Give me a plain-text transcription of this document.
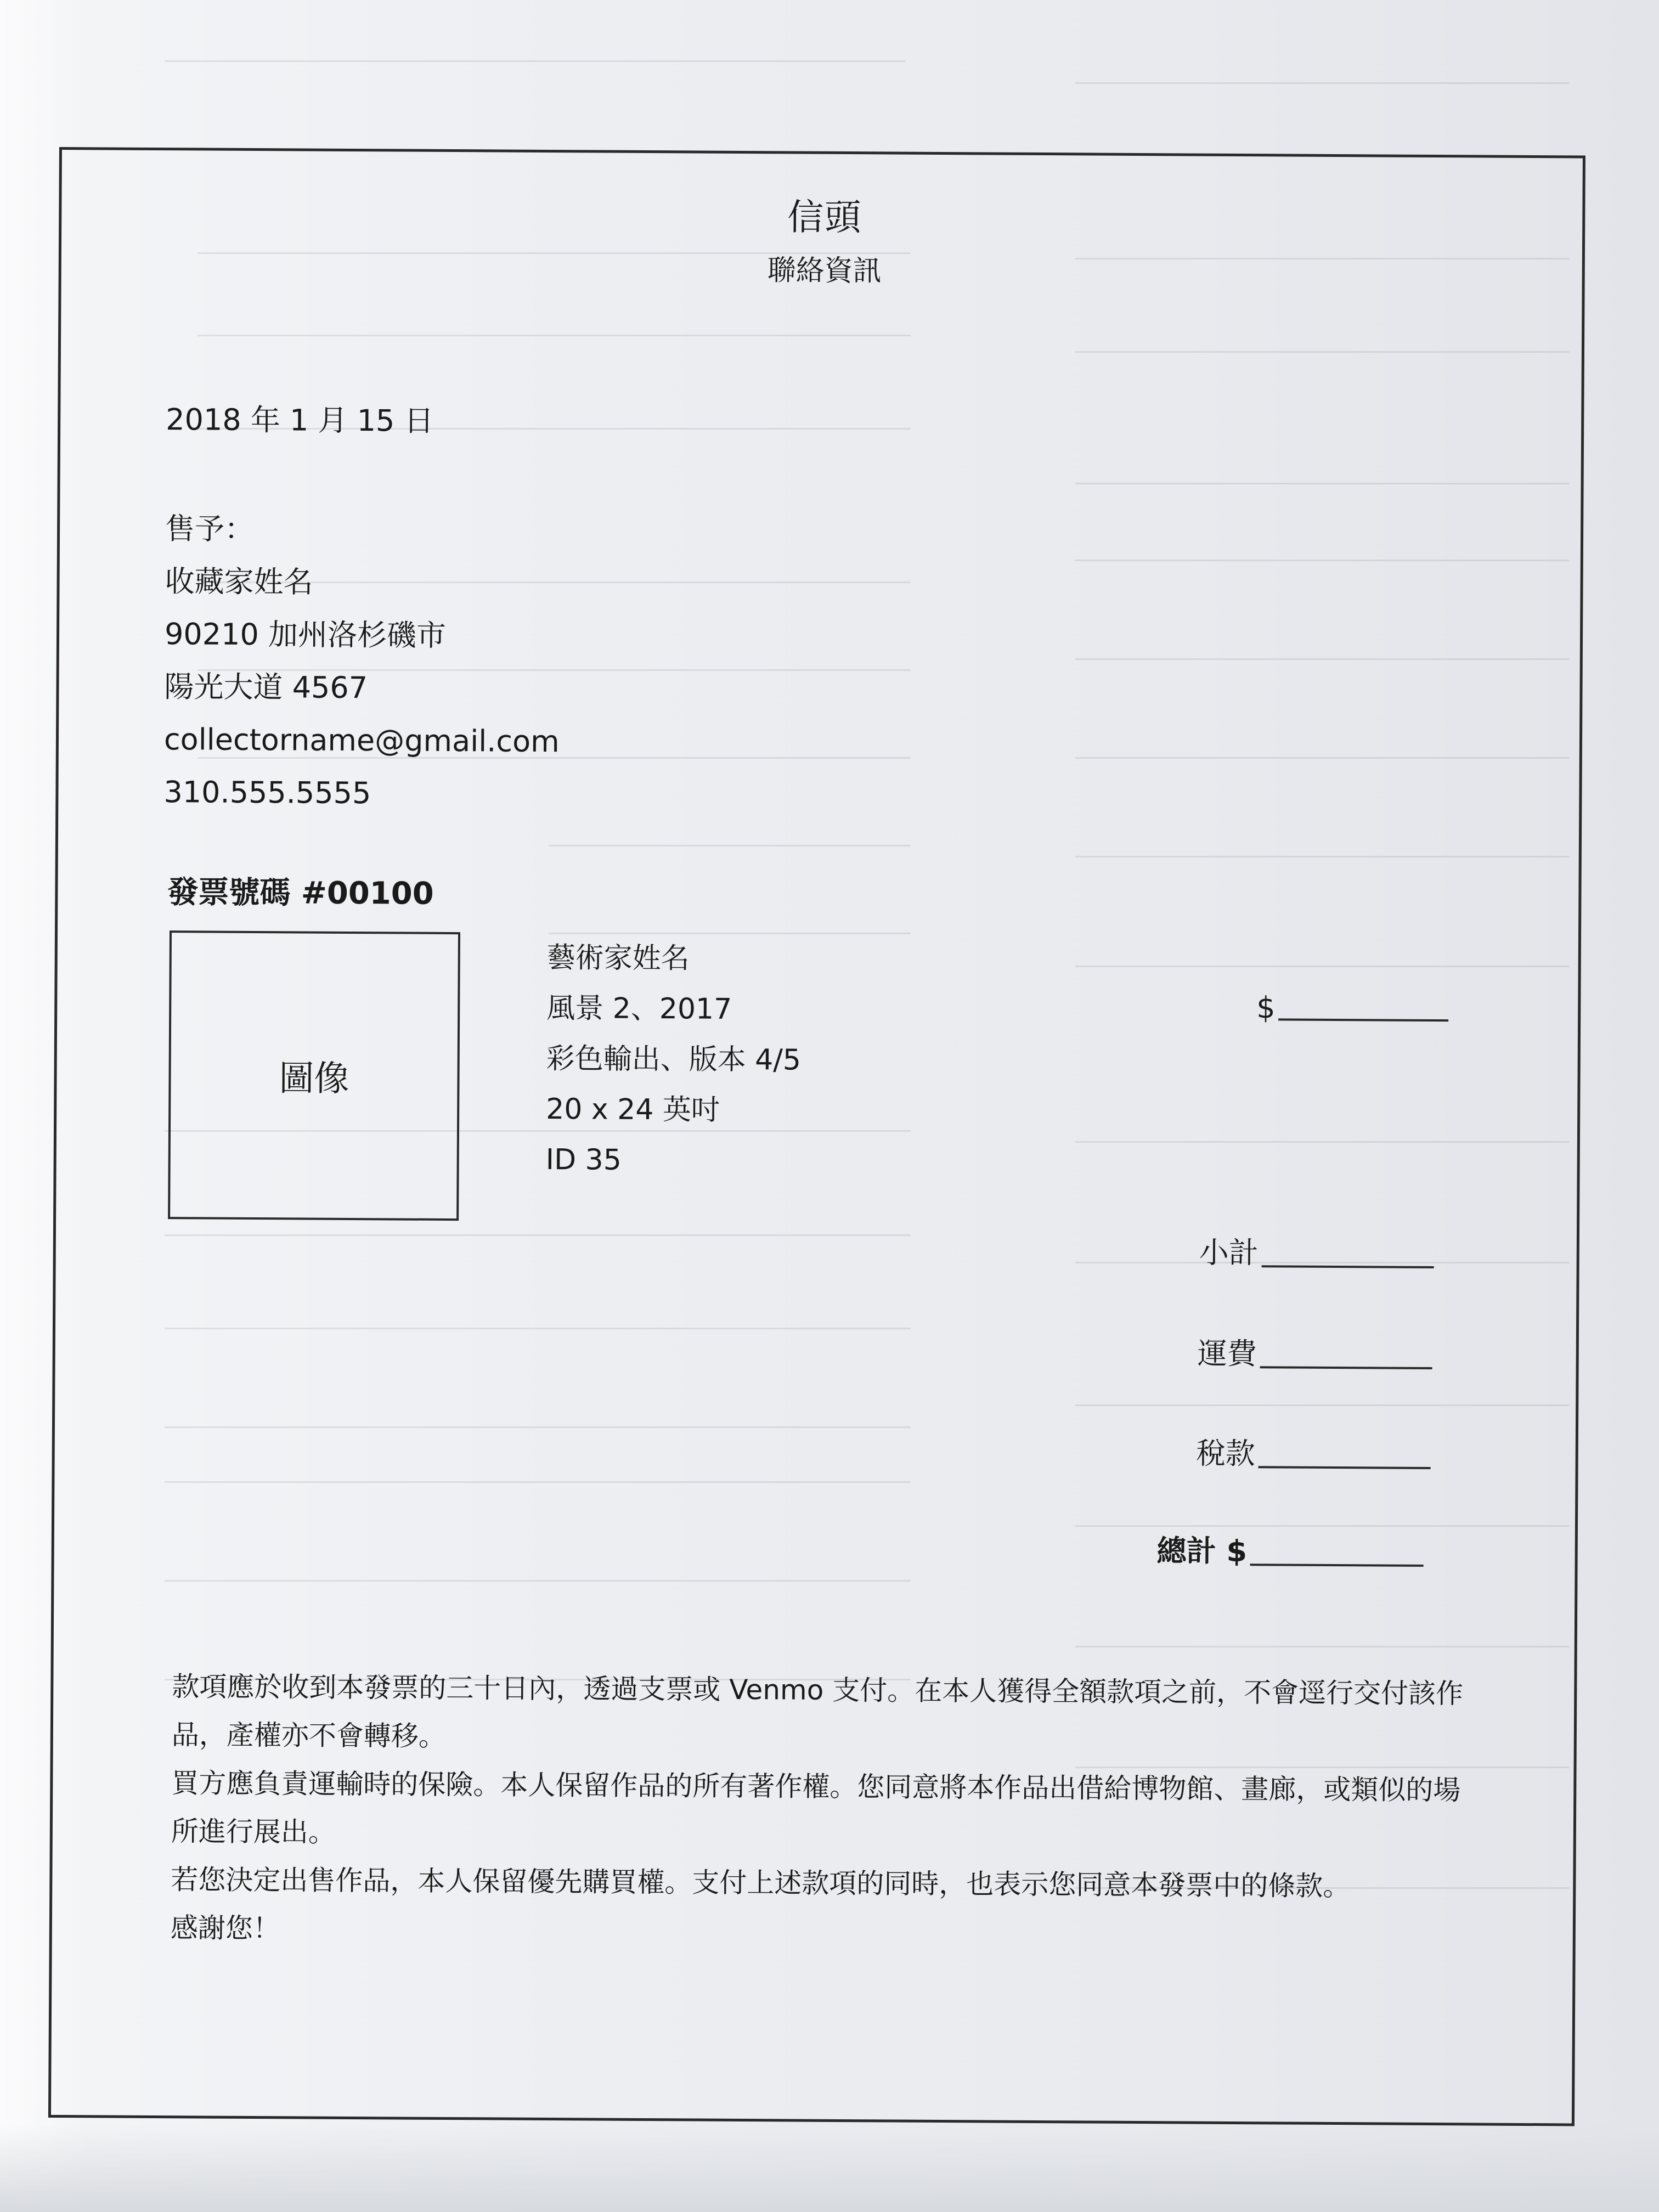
信頭
聯絡資訊
2018 年 1 月 15 日
售予：
收藏家姓名
90210 加州洛杉磯市
陽光大道 4567
collectorname@gmail.com
310.555.5555
發票號碼 #00100
圖像
藝術家姓名
風景 2、2017
彩色輸出、版本 4/5
20 x 24 英吋
ID 35
$
小計
運費
稅款
總計 $

款項應於收到本發票的三十日內，透過支票或 Venmo 支付。在本人獲得全額款項之前，不會逕行交付該作品，產權亦不會轉移。

買方應負責運輸時的保險。本人保留作品的所有著作權。您同意將本作品出借給博物館、畫廊，或類似的場所進行展出。

若您決定出售作品，本人保留優先購買權。支付上述款項的同時，也表示您同意本發票中的條款。

感謝您！
